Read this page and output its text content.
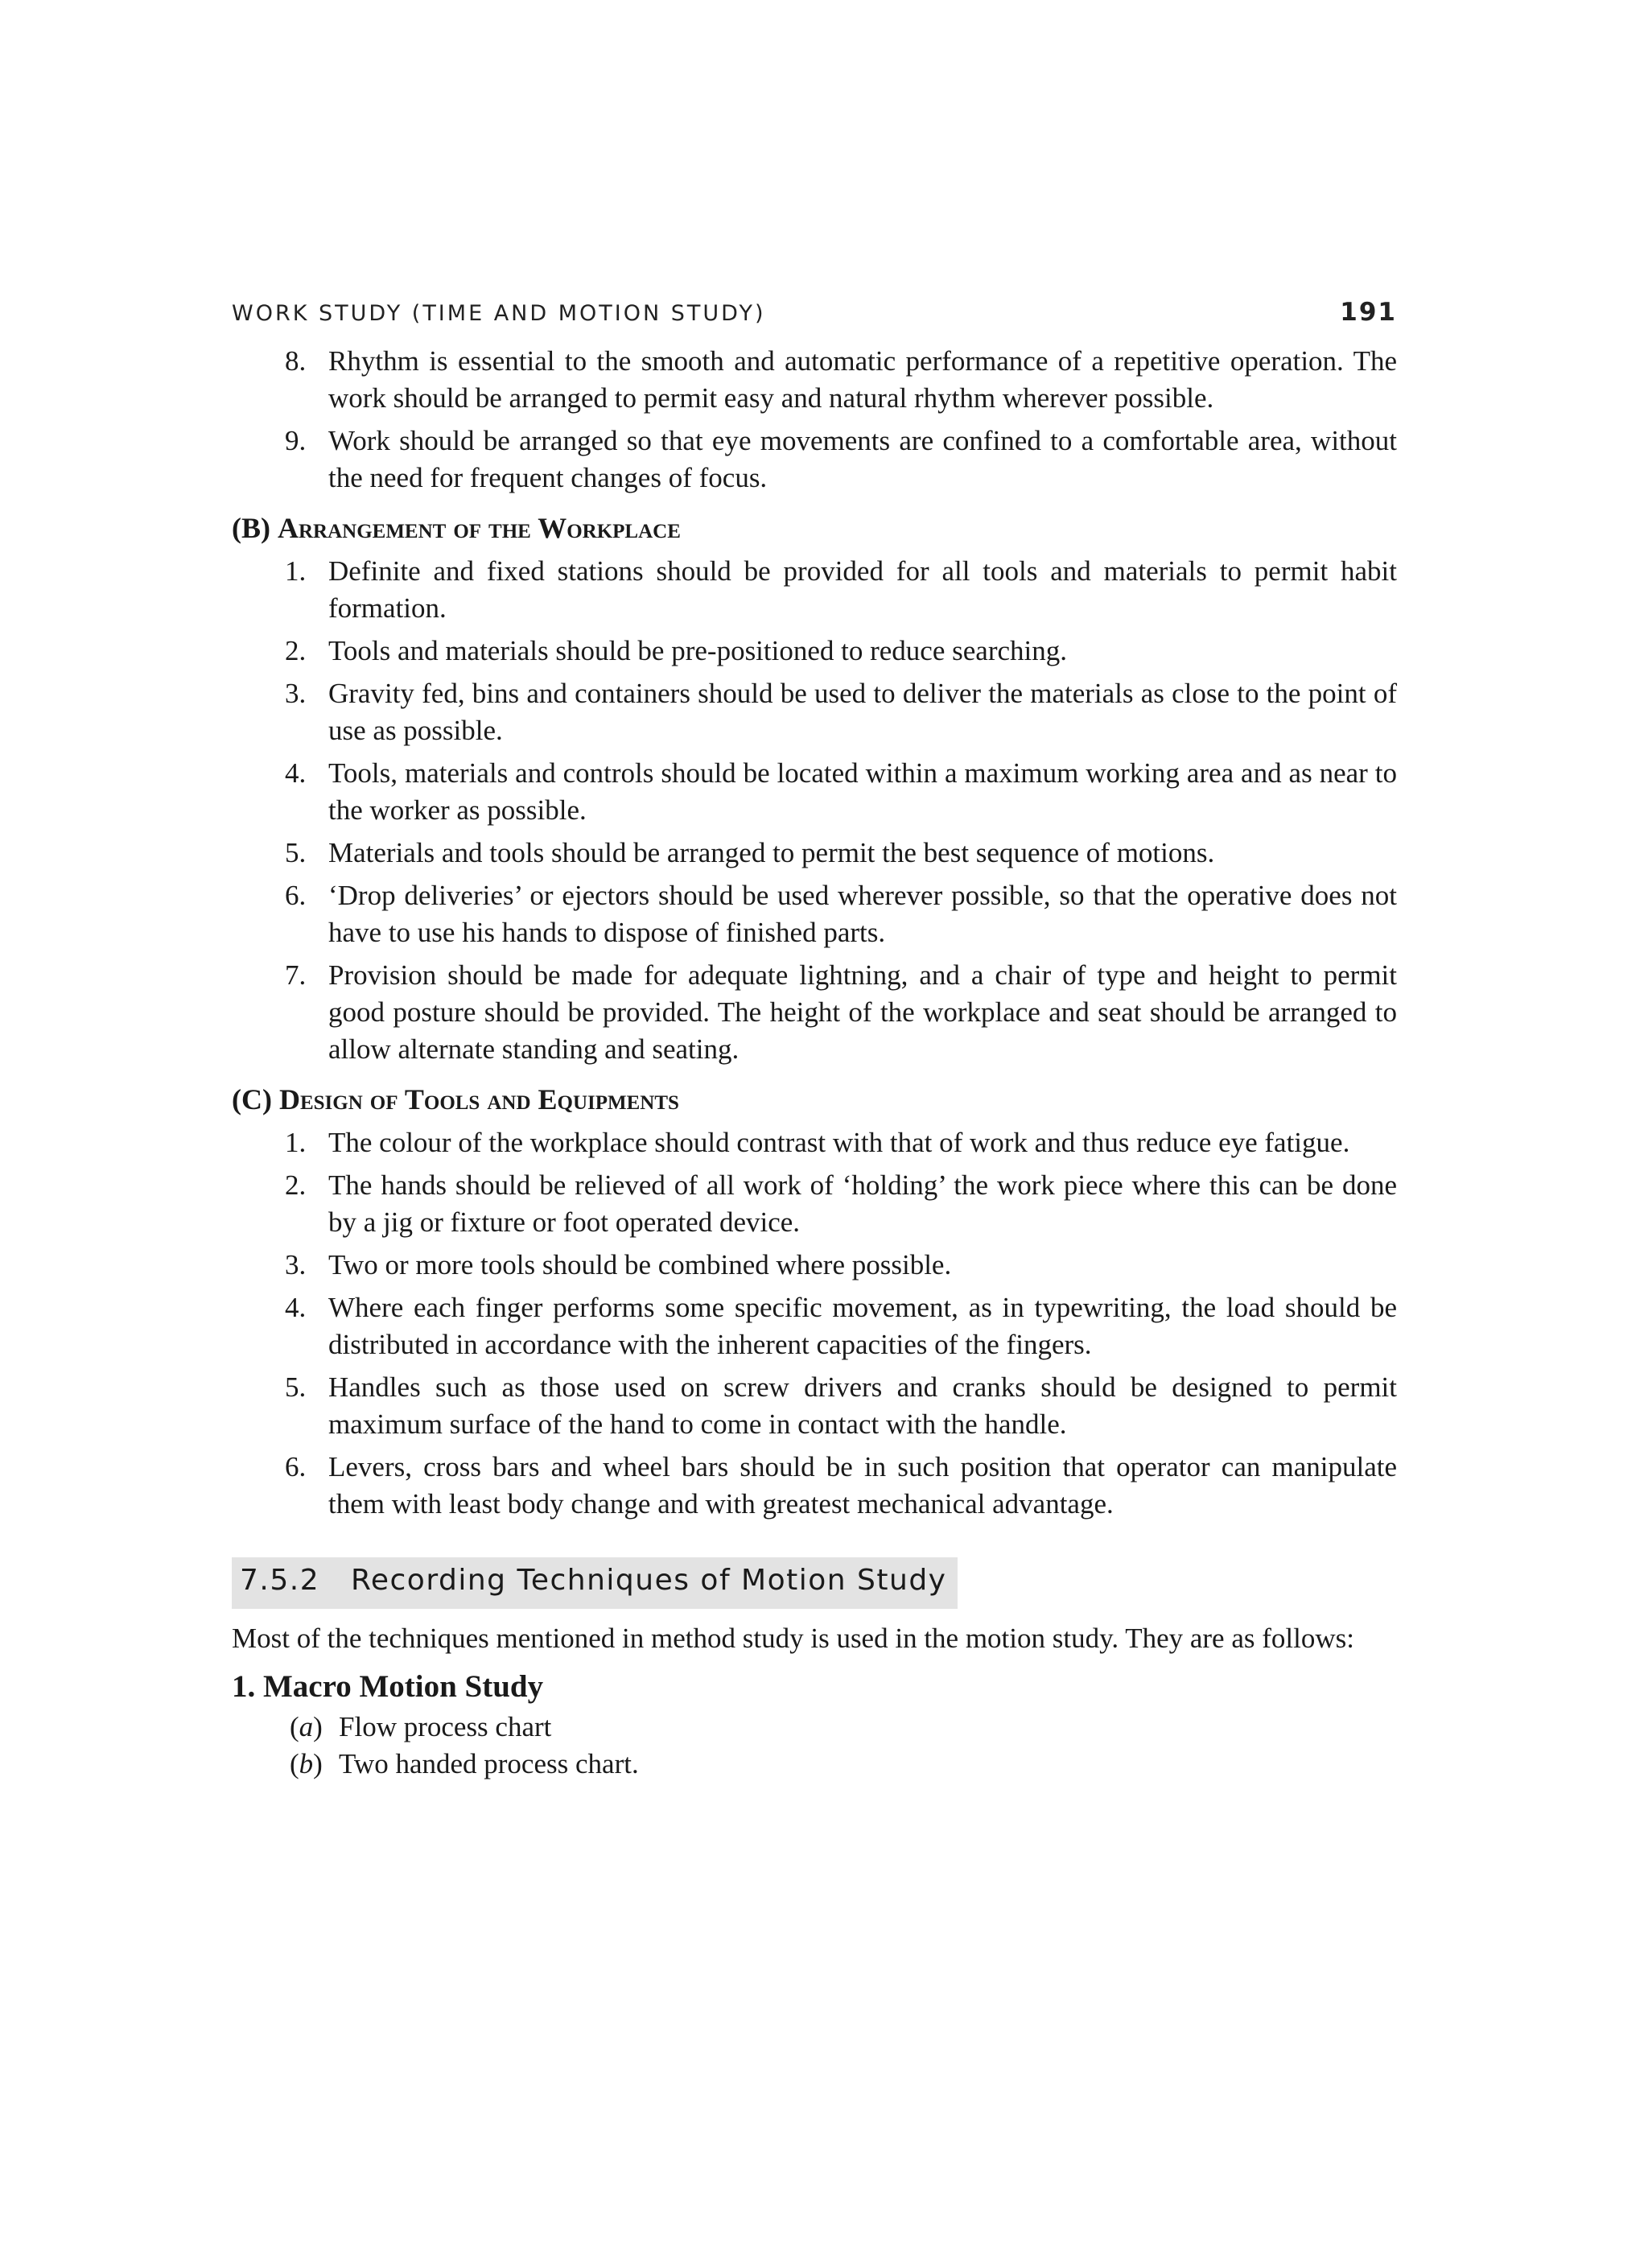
WORK STUDY (TIME AND MOTION STUDY)	191
8. Rhythm is essential to the smooth and automatic performance of a repetitive operation. The work should be arranged to permit easy and natural rhythm wherever possible.
9. Work should be arranged so that eye movements are confined to a comfortable area, without the need for frequent changes of focus.
(B) Arrangement of the Workplace
1. Definite and fixed stations should be provided for all tools and materials to permit habit formation.
2. Tools and materials should be pre-positioned to reduce searching.
3. Gravity fed, bins and containers should be used to deliver the materials as close to the point of use as possible.
4. Tools, materials and controls should be located within a maximum working area and as near to the worker as possible.
5. Materials and tools should be arranged to permit the best sequence of motions.
6. ‘Drop deliveries’ or ejectors should be used wherever possible, so that the operative does not have to use his hands to dispose of finished parts.
7. Provision should be made for adequate lightning, and a chair of type and height to permit good posture should be provided. The height of the workplace and seat should be arranged to allow alternate standing and seating.
(C) Design of Tools and Equipments
1. The colour of the workplace should contrast with that of work and thus reduce eye fatigue.
2. The hands should be relieved of all work of ‘holding’ the work piece where this can be done by a jig or fixture or foot operated device.
3. Two or more tools should be combined where possible.
4. Where each finger performs some specific movement, as in typewriting, the load should be distributed in accordance with the inherent capacities of the fingers.
5. Handles such as those used on screw drivers and cranks should be designed to permit maximum surface of the hand to come in contact with the handle.
6. Levers, cross bars and wheel bars should be in such position that operator can manipulate them with least body change and with greatest mechanical advantage.
7.5.2 Recording Techniques of Motion Study

Most of the techniques mentioned in method study is used in the motion study. They are as follows:

1. Macro Motion Study
(a) Flow process chart
(b) Two handed process chart.
